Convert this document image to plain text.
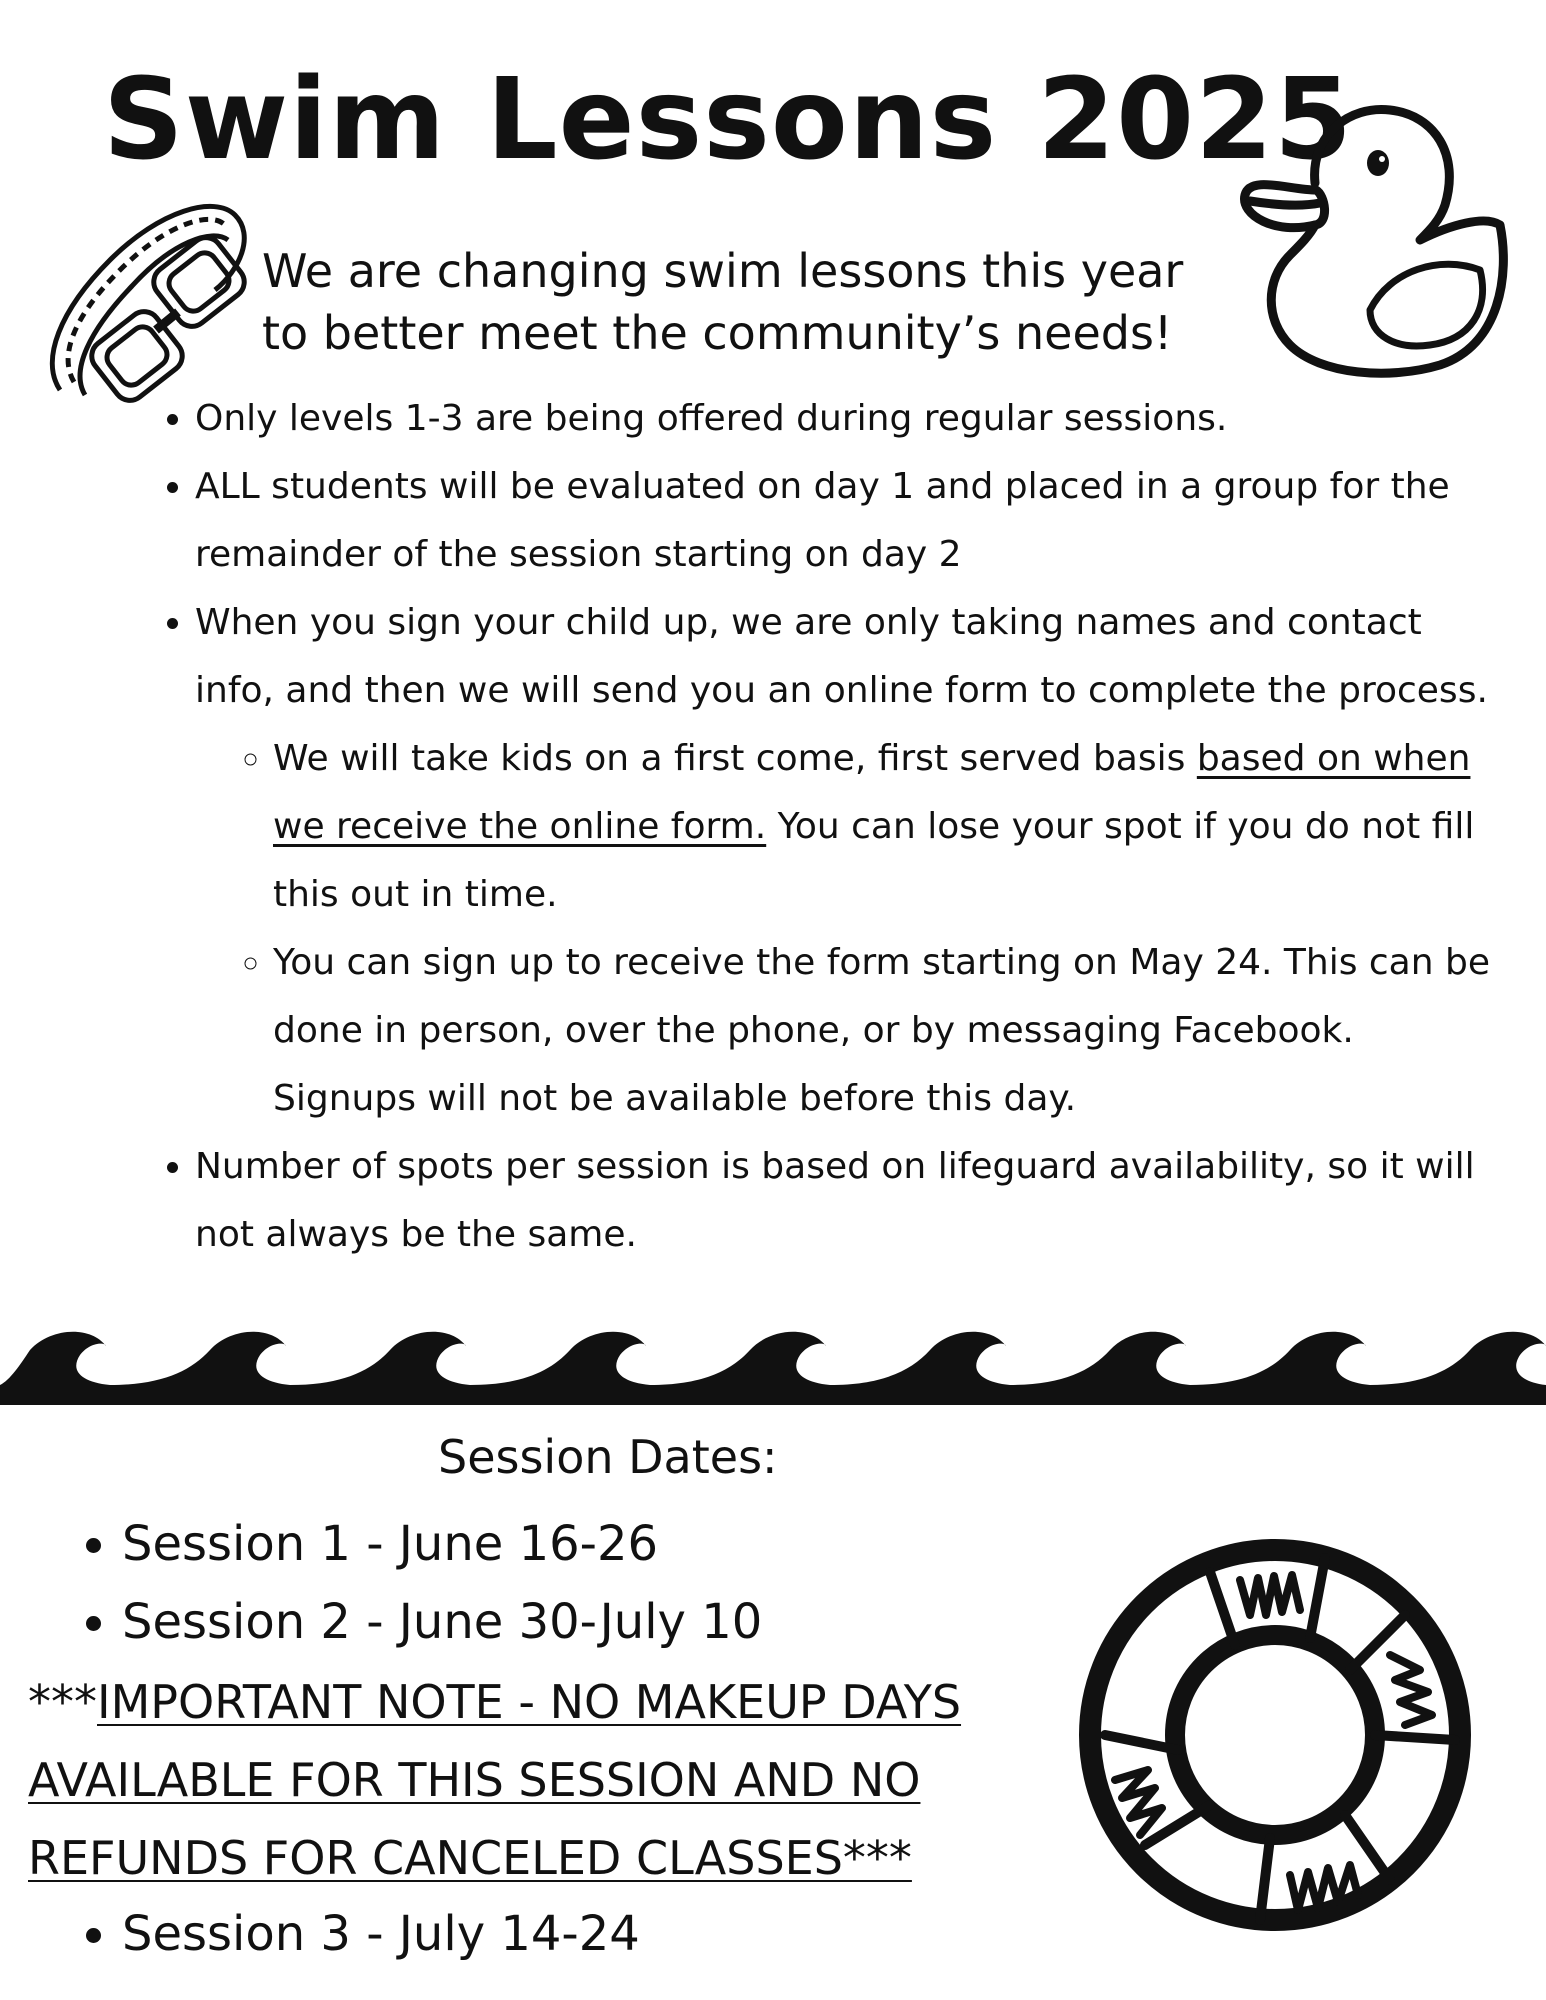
Swim Lessons 2025
We are changing swim lessons this year to better meet the community’s needs!
• Only levels 1-3 are being offered during regular sessions.
• ALL students will be evaluated on day 1 and placed in a group for the remainder of the session starting on day 2
• When you sign your child up, we are only taking names and contact info, and then we will send you an online form to complete the process.
◦ We will take kids on a first come, first served basis based on when we receive the online form. You can lose your spot if you do not fill this out in time.
◦ You can sign up to receive the form starting on May 24. This can be done in person, over the phone, or by messaging Facebook. Signups will not be available before this day.
• Number of spots per session is based on lifeguard availability, so it will not always be the same.
Session Dates:
• Session 1 - June 16-26
• Session 2 - June 30-July 10
***IMPORTANT NOTE - NO MAKEUP DAYS AVAILABLE FOR THIS SESSION AND NO REFUNDS FOR CANCELED CLASSES***
• Session 3 - July 14-24
